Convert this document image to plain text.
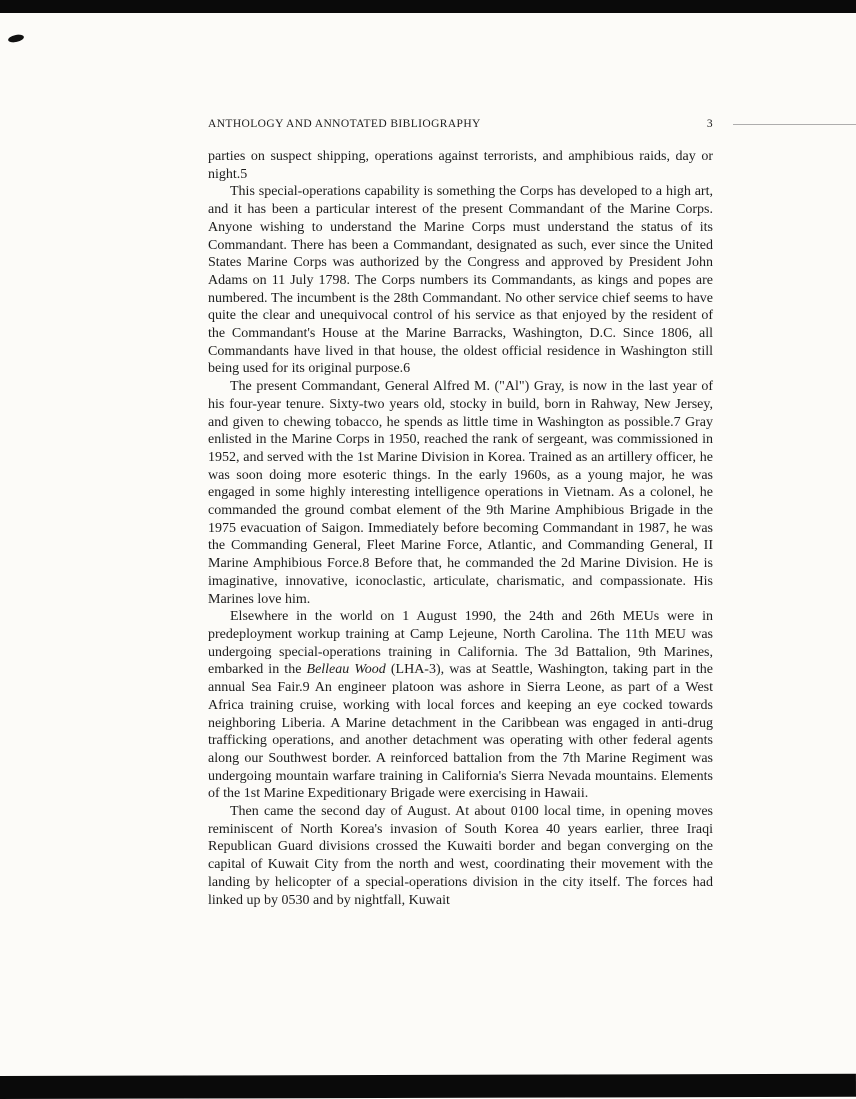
ANTHOLOGY AND ANNOTATED BIBLIOGRAPHY	3

parties on suspect shipping, operations against terrorists, and amphibious raids, day or night.5

This special-operations capability is something the Corps has developed to a high art, and it has been a particular interest of the present Commandant of the Marine Corps. Anyone wishing to understand the Marine Corps must understand the status of its Commandant. There has been a Commandant, designated as such, ever since the United States Marine Corps was authorized by the Congress and approved by President John Adams on 11 July 1798. The Corps numbers its Commandants, as kings and popes are numbered. The incumbent is the 28th Commandant. No other service chief seems to have quite the clear and unequivocal control of his service as that enjoyed by the resident of the Commandant's House at the Marine Barracks, Washington, D.C. Since 1806, all Commandants have lived in that house, the oldest official residence in Washington still being used for its original purpose.6

The present Commandant, General Alfred M. ("Al") Gray, is now in the last year of his four-year tenure. Sixty-two years old, stocky in build, born in Rahway, New Jersey, and given to chewing tobacco, he spends as little time in Washington as possible.7 Gray enlisted in the Marine Corps in 1950, reached the rank of sergeant, was commissioned in 1952, and served with the 1st Marine Division in Korea. Trained as an artillery officer, he was soon doing more esoteric things. In the early 1960s, as a young major, he was engaged in some highly interesting intelligence operations in Vietnam. As a colonel, he commanded the ground combat element of the 9th Marine Amphibious Brigade in the 1975 evacuation of Saigon. Immediately before becoming Commandant in 1987, he was the Commanding General, Fleet Marine Force, Atlantic, and Commanding General, II Marine Amphibious Force.8 Before that, he commanded the 2d Marine Division. He is imaginative, innovative, iconoclastic, articulate, charismatic, and compassionate. His Marines love him.

Elsewhere in the world on 1 August 1990, the 24th and 26th MEUs were in predeployment workup training at Camp Lejeune, North Carolina. The 11th MEU was undergoing special-operations training in California. The 3d Battalion, 9th Marines, embarked in the Belleau Wood (LHA-3), was at Seattle, Washington, taking part in the annual Sea Fair.9 An engineer platoon was ashore in Sierra Leone, as part of a West Africa training cruise, working with local forces and keeping an eye cocked towards neighboring Liberia. A Marine detachment in the Caribbean was engaged in anti-drug trafficking operations, and another detachment was operating with other federal agents along our Southwest border. A reinforced battalion from the 7th Marine Regiment was undergoing mountain warfare training in California's Sierra Nevada mountains. Elements of the 1st Marine Expeditionary Brigade were exercising in Hawaii.

Then came the second day of August. At about 0100 local time, in opening moves reminiscent of North Korea's invasion of South Korea 40 years earlier, three Iraqi Republican Guard divisions crossed the Kuwaiti border and began converging on the capital of Kuwait City from the north and west, coordinating their movement with the landing by helicopter of a special-operations division in the city itself. The forces had linked up by 0530 and by nightfall, Kuwait
